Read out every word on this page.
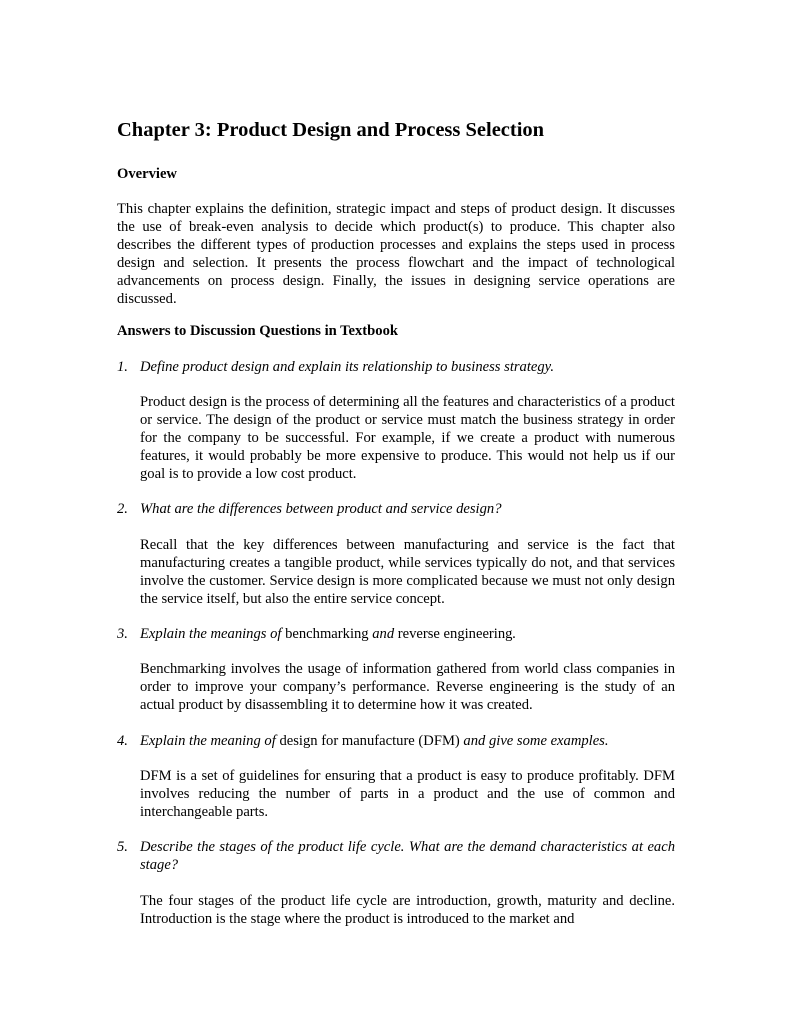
Chapter 3: Product Design and Process Selection
Overview
This chapter explains the definition, strategic impact and steps of product design. It discusses the use of break-even analysis to decide which product(s) to produce. This chapter also describes the different types of production processes and explains the steps used in process design and selection. It presents the process flowchart and the impact of technological advancements on process design. Finally, the issues in designing service operations are discussed.
Answers to Discussion Questions in Textbook
1. Define product design and explain its relationship to business strategy.
Product design is the process of determining all the features and characteristics of a product or service. The design of the product or service must match the business strategy in order for the company to be successful. For example, if we create a product with numerous features, it would probably be more expensive to produce. This would not help us if our goal is to provide a low cost product.
2. What are the differences between product and service design?
Recall that the key differences between manufacturing and service is the fact that manufacturing creates a tangible product, while services typically do not, and that services involve the customer. Service design is more complicated because we must not only design the service itself, but also the entire service concept.
3. Explain the meanings of benchmarking and reverse engineering.
Benchmarking involves the usage of information gathered from world class companies in order to improve your company’s performance. Reverse engineering is the study of an actual product by disassembling it to determine how it was created.
4. Explain the meaning of design for manufacture (DFM) and give some examples.
DFM is a set of guidelines for ensuring that a product is easy to produce profitably. DFM involves reducing the number of parts in a product and the use of common and interchangeable parts.
5. Describe the stages of the product life cycle. What are the demand characteristics at each stage?
The four stages of the product life cycle are introduction, growth, maturity and decline. Introduction is the stage where the product is introduced to the market and
